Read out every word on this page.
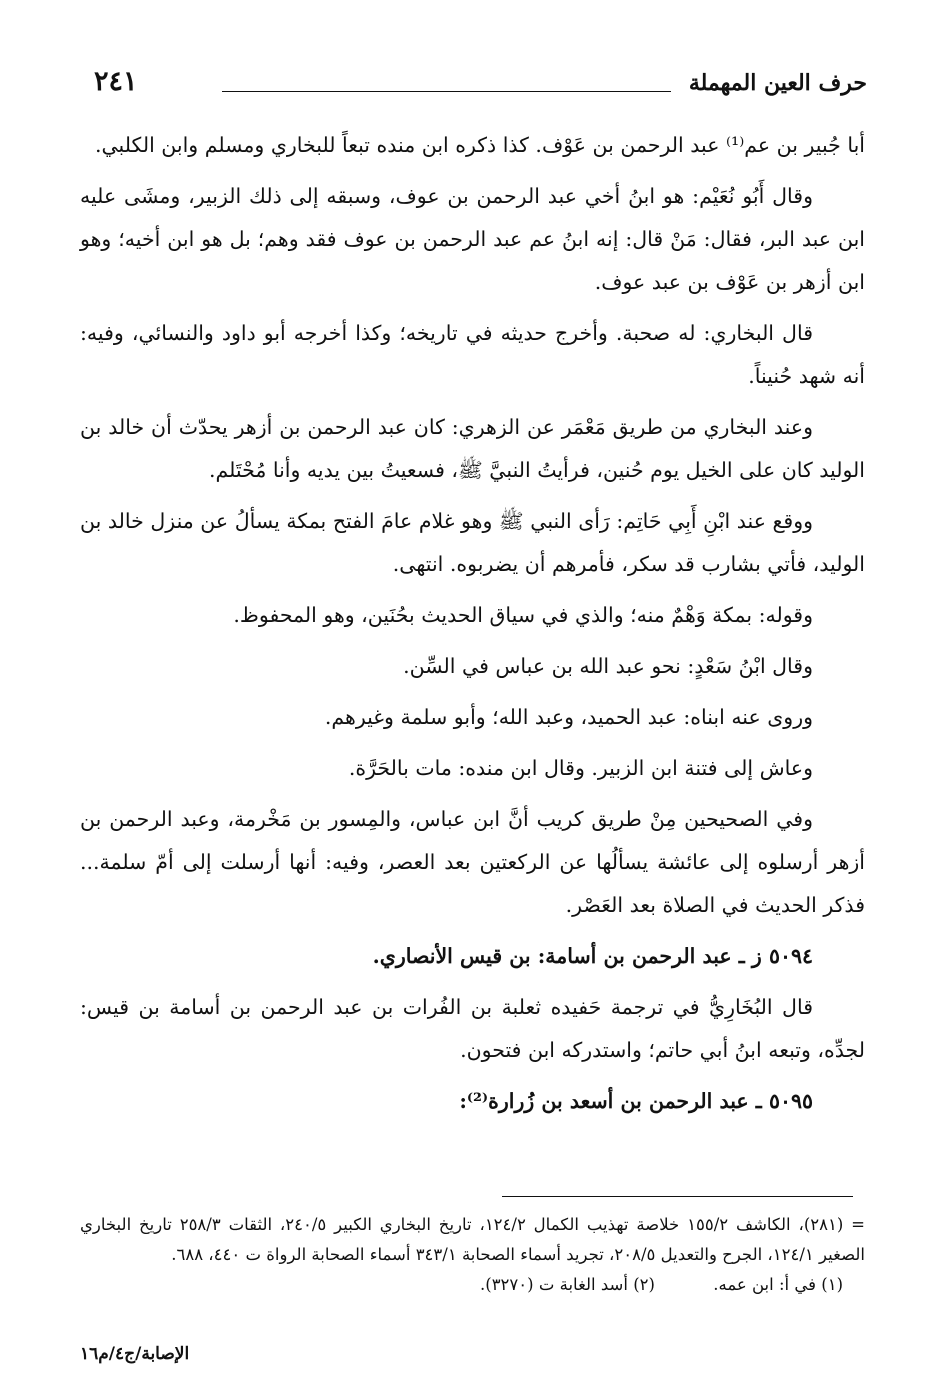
٢٤١	حرف العين المهملة

أبا جُبير بن عم⁽¹⁾ عبد الرحمن بن عَوْف. كذا ذكره ابن منده تبعاً للبخاري ومسلم وابن الكلبي.

وقال أَبُو نُعَيْم: هو ابنُ أخي عبد الرحمن بن عوف، وسبقه إلى ذلك الزبير، ومشَى عليه ابن عبد البر، فقال: مَنْ قال: إنه ابنُ عم عبد الرحمن بن عوف فقد وهم؛ بل هو ابن أخيه؛ وهو ابن أزهر بن عَوْف بن عبد عوف.

قال البخاري: له صحبة. وأخرج حديثه في تاريخه؛ وكذا أخرجه أبو داود والنسائي، وفيه: أنه شهد حُنيناً.

وعند البخاري من طريق مَعْمَر عن الزهري: كان عبد الرحمن بن أزهر يحدّث أن خالد بن الوليد كان على الخيل يوم حُنين، فرأيتُ النبيَّ ﷺ، فسعيتُ بين يديه وأنا مُحْتَلم.

ووقع عند ابْنِ أَبِي حَاتِم: رَأى النبي ﷺ وهو غلام عامَ الفتح بمكة يسألُ عن منزل خالد بن الوليد، فأتي بشارب قد سكر، فأمرهم أن يضربوه. انتهى.

وقوله: بمكة وَهْمٌ منه؛ والذي في سياق الحديث بحُنَين، وهو المحفوظ.

وقال ابْنُ سَعْدٍ: نحو عبد الله بن عباس في السِّن.

وروى عنه ابناه: عبد الحميد، وعبد الله؛ وأبو سلمة وغيرهم.

وعاش إلى فتنة ابن الزبير. وقال ابن منده: مات بالحَرَّة.

وفي الصحيحين مِنْ طريق كريب أنَّ ابن عباس، والمِسور بن مَخْرمة، وعبد الرحمن بن أزهر أرسلوه إلى عائشة يسألُها عن الركعتين بعد العصر، وفيه: أنها أرسلت إلى أمّ سلمة... فذكر الحديث في الصلاة بعد العَصْر.

٥٠٩٤ ز ـ عبد الرحمن بن أسامة: بن قيس الأنصاري.

قال البُخَارِيُّ في ترجمة حَفيده ثعلبة بن الفُرات بن عبد الرحمن بن أسامة بن قيس: لجدِّه، وتبعه ابنُ أبي حاتم؛ واستدركه ابن فتحون.

٥٠٩٥ ـ عبد الرحمن بن أسعد بن زُرارة⁽²⁾:

= (٢٨١)، الكاشف ١٥٥/٢ خلاصة تهذيب الكمال ١٢٤/٢، تاريخ البخاري الكبير ٢٤٠/٥، الثقات ٢٥٨/٣ تاريخ البخاري الصغير ١٢٤/١، الجرح والتعديل ٢٠٨/٥، تجريد أسماء الصحابة ٣٤٣/١ أسماء الصحابة الرواة ت ٤٤٠، ٦٨٨.

(١) في أ: ابن عمه.
(٢) أسد الغابة ت (٣٢٧٠).
الإصابة/ج٤/م١٦
